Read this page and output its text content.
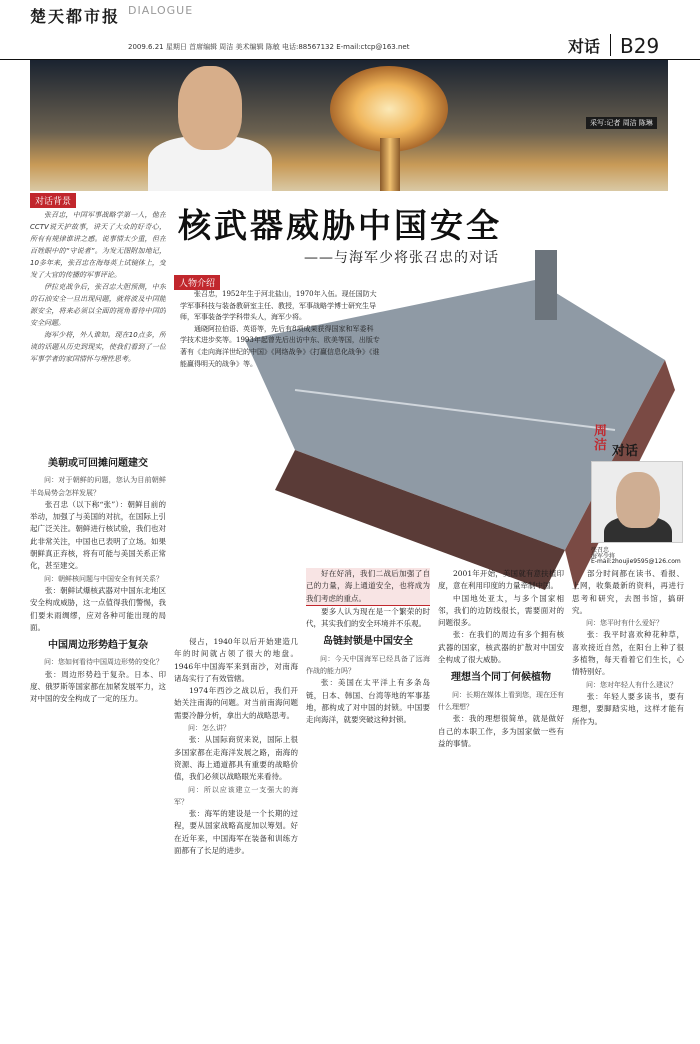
楚天都市报 DIALOGUE
2009.6.21 星期日 首席编辑 周洁 美术编辑 陈敏 电话:88567132 E-mail:ctcp@163.net	对话 B29
采写:记者 周洁 陈琳
对话背景
核武器威胁中国安全
——与海军少将张召忠的对话
人物介绍

张召忠，1952年生于河北盐山，1970年入伍。现任国防大学军事科技与装备教研室主任、教授，军事战略学博士研究生导师，军事装备学学科带头人，海军少将。

通晓阿拉伯语、英语等，先后有8项成果获得国家和军委科学技术进步奖等。1993年起曾先后出访中东、欧美等国，出版专著有《走向海洋世纪的中国》《网络战争》《打赢信息化战争》《谁能赢得明天的战争》等。

张召忠，中国军事战略学第一人，他在CCTV说天护故事，讲天了大众的好奇心，所有有规律谁讲之感。说事情太少重，但在百姓眼中的“守说者”。为发无图附加地记，10多年来，张召忠在海每英上试镜体上，变发了大官的传播的军事评论。

伊拉克战争后，张召忠大胆预测，中东的石油安全一旦出现问题，就将波及中国能源安全，将来必须以全面的视角看待中国的安全问题。

海军少将，外人谁知。现在10点多，所谈的话题从历史到现实，使我们看到了一位军事学者的家国情怀与理性思考。

美朝或可回摊问题建交

问：对于朝鲜的问题，您认为目前朝鲜半岛局势会怎样发展？

张召忠（以下称“张”）：朝鲜目前的举动，加强了与美国的对抗，在国际上引起广泛关注。朝鲜进行核试验，我们也对此非常关注，中国也已表明了立场。如果朝鲜真正弃核，将有可能与美国关系正常化，甚至建交。

问：朝鲜核问题与中国安全有何关系？

张：朝鲜试爆核武器对中国东北地区安全构成威胁，这一点值得我们警惕，我们要未雨绸缪，应对各种可能出现的局面。

中国周边形势趋于复杂

问：您如何看待中国周边形势的变化？

张：周边形势趋于复杂。日本、印度、俄罗斯等国家都在加紧发展军力，这对中国的安全构成了一定的压力。

侵占，1940年以后开始建造几年的时间就占领了很大的地盘。1946年中国海军来到南沙，对南海诸岛实行了有效管辖。

1974年西沙之战以后，我们开始关注南海的问题。对当前南海问题需要冷静分析，拿出大的战略思考。

问：怎么讲？

张：从国际商贸来说，国际上很多国家都在走海洋发展之路，南海的资源、海上通道都具有重要的战略价值，我们必须以战略眼光来看待。

问：所以应该建立一支强大的海军？

张：海军的建设是一个长期的过程，要从国家战略高度加以筹划。好在近年来，中国海军在装备和训练方面都有了长足的进步。

好在好消，我们二战后加强了自己的力量，海上通道安全，也将成为我们考虑的重点。

要多人认为现在是一个繁荣的时代，其实我们的安全环境并不乐观。

岛链封锁是中国安全

问：今天中国海军已经具备了远海作战的能力吗？

张：美国在太平洋上有多条岛链，日本、韩国、台湾等地的军事基地，都构成了对中国的封锁。中国要走向海洋，就要突破这种封锁。

2001年开始，美国就有意扶植印度，意在利用印度的力量牵制中国。

中国地处亚太，与多个国家相邻，我们的边防线很长，需要面对的问题很多。

张：在我们的周边有多个拥有核武器的国家，核武器的扩散对中国安全构成了很大威胁。

理想当个同丁何候植物

问：长期在媒体上看到您，现在还有什么理想？

张：我的理想很简单，就是做好自己的本职工作，多为国家做一些有益的事情。

部分时间都在读书、看报、上网，收集最新的资料，再进行思考和研究，去图书馆，搞研究。

问：您平时有什么爱好？

张：我平时喜欢种花种草，喜欢接近自然，在阳台上种了很多植物，每天看着它们生长，心情特别好。

问：您对年轻人有什么建议？

张：年轻人要多读书，要有理想，要脚踏实地，这样才能有所作为。

周
洁 对话
张召忠
海军少将
E-mail:zhoujie9595@126.com
